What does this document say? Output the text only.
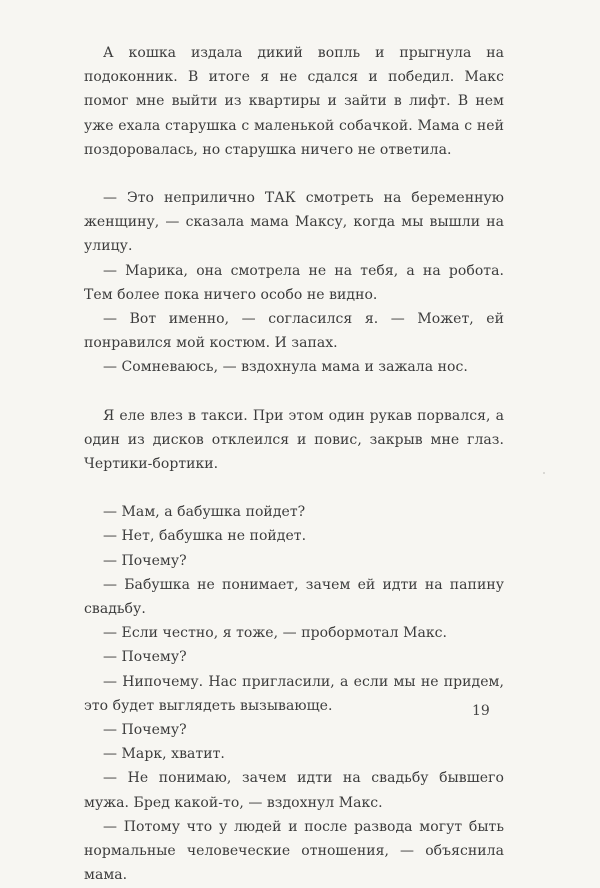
А кошка издала дикий вопль и прыгнула на подоконник. В итоге я не сдался и победил. Макс помог мне выйти из квартиры и зайти в лифт. В нем уже ехала старушка с маленькой собачкой. Мама с ней поздоровалась, но старушка ничего не ответила.

— Это неприлично ТАК смотреть на беременную женщину, — сказала мама Максу, когда мы вышли на улицу.

— Марика, она смотрела не на тебя, а на робота. Тем более пока ничего особо не видно.

— Вот именно, — согласился я. — Может, ей понравился мой костюм. И запах.

— Сомневаюсь, — вздохнула мама и зажала нос.

Я еле влез в такси. При этом один рукав порвался, а один из дисков отклеился и повис, закрыв мне глаз. Чертики-бортики.

— Мам, а бабушка пойдет?

— Нет, бабушка не пойдет.

— Почему?

— Бабушка не понимает, зачем ей идти на папину свадьбу.

— Если честно, я тоже, — пробормотал Макс.

— Почему?

— Нипочему. Нас пригласили, а если мы не придем, это будет выглядеть вызывающе.

— Почему?

— Марк, хватит.

— Не понимаю, зачем идти на свадьбу бывшего мужа. Бред какой-то, — вздохнул Макс.

— Потому что у людей и после развода могут быть нормальные человеческие отношения, — объяснила мама.

19
